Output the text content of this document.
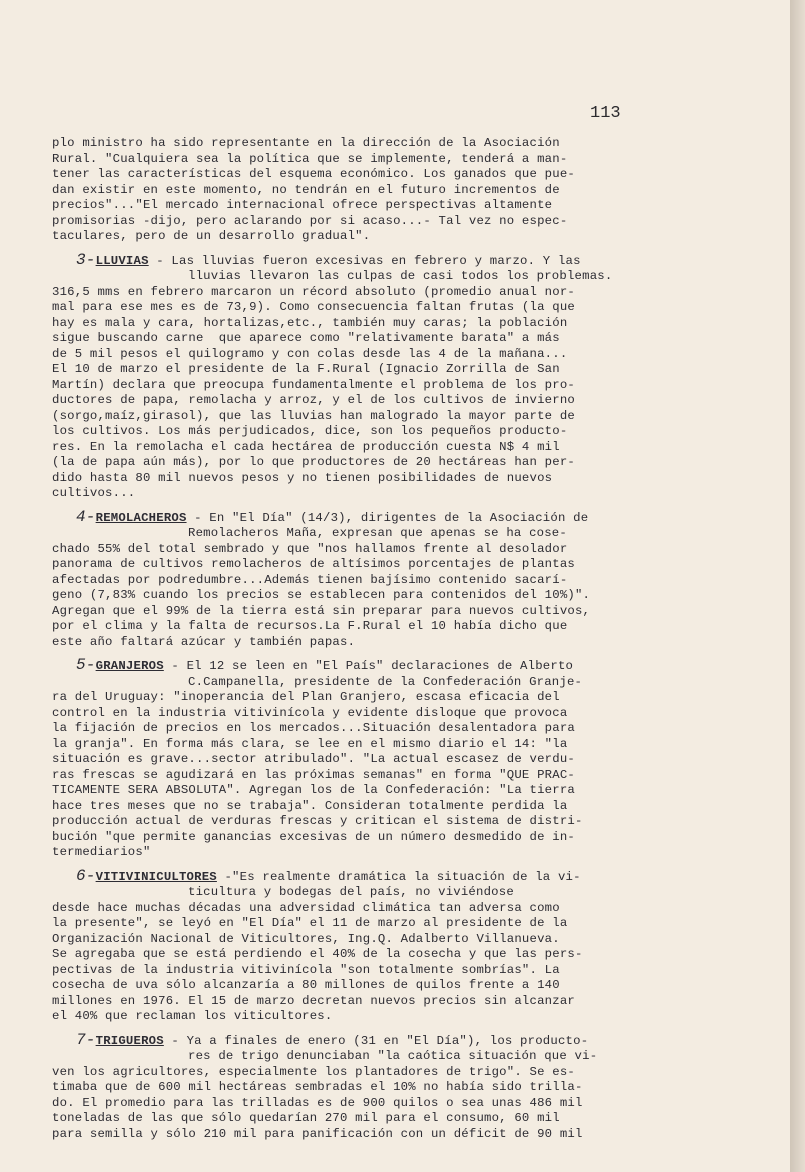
113
plo ministro ha sido representante en la dirección de la Asociación
Rural. "Cualquiera sea la política que se implemente, tenderá a man-
tener las características del esquema económico. Los ganados que pue-
dan existir en este momento, no tendrán en el futuro incrementos de
precios"..."El mercado internacional ofrece perspectivas altamente
promisorias -dijo, pero aclarando por si acaso...- Tal vez no espec-
taculares, pero de un desarrollo gradual".
3-LLUVIAS - Las lluvias fueron excesivas en febrero y marzo. Y las
lluvias llevaron las culpas de casi todos los problemas.
316,5 mms en febrero marcaron un récord absoluto (promedio anual nor-
mal para ese mes es de 73,9). Como consecuencia faltan frutas (la que
hay es mala y cara, hortalizas,etc., también muy caras; la población
sigue buscando carne  que aparece como "relativamente barata" a más
de 5 mil pesos el quilogramo y con colas desde las 4 de la mañana...
El 10 de marzo el presidente de la F.Rural (Ignacio Zorrilla de San
Martín) declara que preocupa fundamentalmente el problema de los pro-
ductores de papa, remolacha y arroz, y el de los cultivos de invierno
(sorgo,maíz,girasol), que las lluvias han malogrado la mayor parte de
los cultivos. Los más perjudicados, dice, son los pequeños producto-
res. En la remolacha el cada hectárea de producción cuesta N$ 4 mil
(la de papa aún más), por lo que productores de 20 hectáreas han per-
dido hasta 80 mil nuevos pesos y no tienen posibilidades de nuevos
cultivos...
4-REMOLACHEROS - En "El Día" (14/3), dirigentes de la Asociación de
Remolacheros Maña, expresan que apenas se ha cose-
chado 55% del total sembrado y que "nos hallamos frente al desolador
panorama de cultivos remolacheros de altísimos porcentajes de plantas
afectadas por podredumbre...Además tienen bajísimo contenido sacarí-
geno (7,83% cuando los precios se establecen para contenidos del 10%)".
Agregan que el 99% de la tierra está sin preparar para nuevos cultivos,
por el clima y la falta de recursos.La F.Rural el 10 había dicho que
este año faltará azúcar y también papas.
5-GRANJEROS - El 12 se leen en "El País" declaraciones de Alberto
C.Campanella, presidente de la Confederación Granje-
ra del Uruguay: "inoperancia del Plan Granjero, escasa eficacia del
control en la industria vitivinícola y evidente disloque que provoca
la fijación de precios en los mercados...Situación desalentadora para
la granja". En forma más clara, se lee en el mismo diario el 14: "la
situación es grave...sector atribulado". "La actual escasez de verdu-
ras frescas se agudizará en las próximas semanas" en forma "QUE PRAC-
TICAMENTE SERA ABSOLUTA". Agregan los de la Confederación: "La tierra
hace tres meses que no se trabaja". Consideran totalmente perdida la
producción actual de verduras frescas y critican el sistema de distri-
bución "que permite ganancias excesivas de un número desmedido de in-
termediarios"
6-VITIVINICULTORES -"Es realmente dramática la situación de la vi-
ticultura y bodegas del país, no viviéndose
desde hace muchas décadas una adversidad climática tan adversa como
la presente", se leyó en "El Día" el 11 de marzo al presidente de la
Organización Nacional de Viticultores, Ing.Q. Adalberto Villanueva.
Se agregaba que se está perdiendo el 40% de la cosecha y que las pers-
pectivas de la industria vitivinícola "son totalmente sombrías". La
cosecha de uva sólo alcanzaría a 80 millones de quilos frente a 140
millones en 1976. El 15 de marzo decretan nuevos precios sin alcanzar
el 40% que reclaman los viticultores.
7-TRIGUEROS - Ya a finales de enero (31 en "El Día"), los producto-
res de trigo denunciaban "la caótica situación que vi-
ven los agricultores, especialmente los plantadores de trigo". Se es-
timaba que de 600 mil hectáreas sembradas el 10% no había sido trilla-
do. El promedio para las trilladas es de 900 quilos o sea unas 486 mil
toneladas de las que sólo quedarían 270 mil para el consumo, 60 mil
para semilla y sólo 210 mil para panificación con un déficit de 90 mil
